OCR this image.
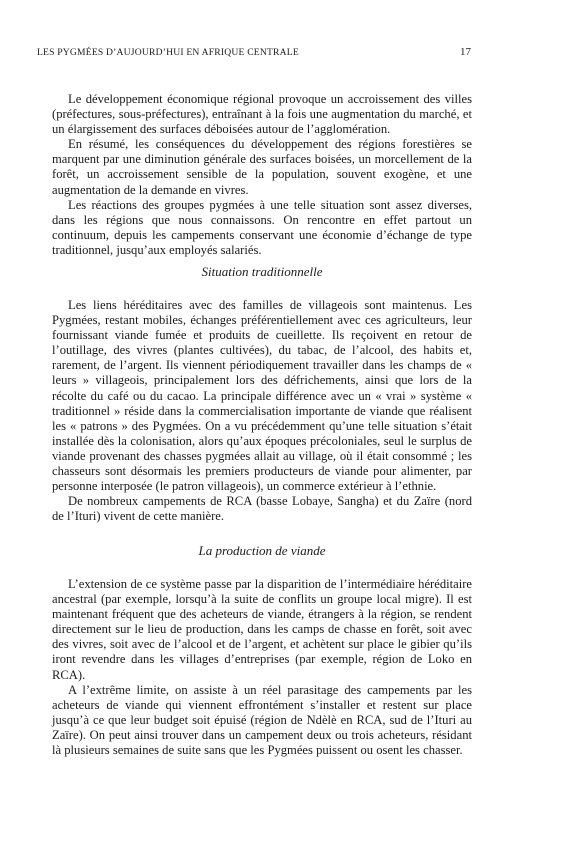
LES PYGMÉES D’AUJOURD’HUI EN AFRIQUE CENTRALE	17

Le développement économique régional provoque un accroissement des villes (préfectures, sous-préfectures), entraînant à la fois une augmentation du marché, et un élargissement des surfaces déboisées autour de l’agglomération.

En résumé, les conséquences du développement des régions forestières se marquent par une diminution générale des surfaces boisées, un morcellement de la forêt, un accroissement sensible de la population, souvent exogène, et une augmentation de la demande en vivres.

Les réactions des groupes pygmées à une telle situation sont assez diverses, dans les régions que nous connaissons. On rencontre en effet partout un continuum, depuis les campements conservant une économie d’échange de type traditionnel, jusqu’aux employés salariés.

Situation traditionnelle

Les liens héréditaires avec des familles de villageois sont maintenus. Les Pygmées, restant mobiles, échanges préférentiellement avec ces agriculteurs, leur fournissant viande fumée et produits de cueillette. Ils reçoivent en retour de l’outillage, des vivres (plantes cultivées), du tabac, de l’alcool, des habits et, rarement, de l’argent. Ils viennent périodiquement travailler dans les champs de « leurs » villageois, principalement lors des défrichements, ainsi que lors de la récolte du café ou du cacao. La principale différence avec un « vrai » système « traditionnel » réside dans la commercialisation importante de viande que réalisent les « patrons » des Pygmées. On a vu précédemment qu’une telle situation s’était installée dès la colonisation, alors qu’aux époques précoloniales, seul le surplus de viande provenant des chasses pygmées allait au village, où il était consommé ; les chasseurs sont désormais les premiers producteurs de viande pour alimenter, par personne interposée (le patron villageois), un commerce extérieur à l’ethnie.

De nombreux campements de RCA (basse Lobaye, Sangha) et du Zaïre (nord de l’Ituri) vivent de cette manière.

La production de viande

L’extension de ce système passe par la disparition de l’intermédiaire héréditaire ancestral (par exemple, lorsqu’à la suite de conflits un groupe local migre). Il est maintenant fréquent que des acheteurs de viande, étrangers à la région, se rendent directement sur le lieu de production, dans les camps de chasse en forêt, soit avec des vivres, soit avec de l’alcool et de l’argent, et achètent sur place le gibier qu’ils iront revendre dans les villages d’entreprises (par exemple, région de Loko en RCA).

A l’extrême limite, on assiste à un réel parasitage des campements par les acheteurs de viande qui viennent effrontément s’installer et restent sur place jusqu’à ce que leur budget soit épuisé (région de Ndèlè en RCA, sud de l’Ituri au Zaïre). On peut ainsi trouver dans un campement deux ou trois acheteurs, résidant là plusieurs semaines de suite sans que les Pygmées puissent ou osent les chasser.
